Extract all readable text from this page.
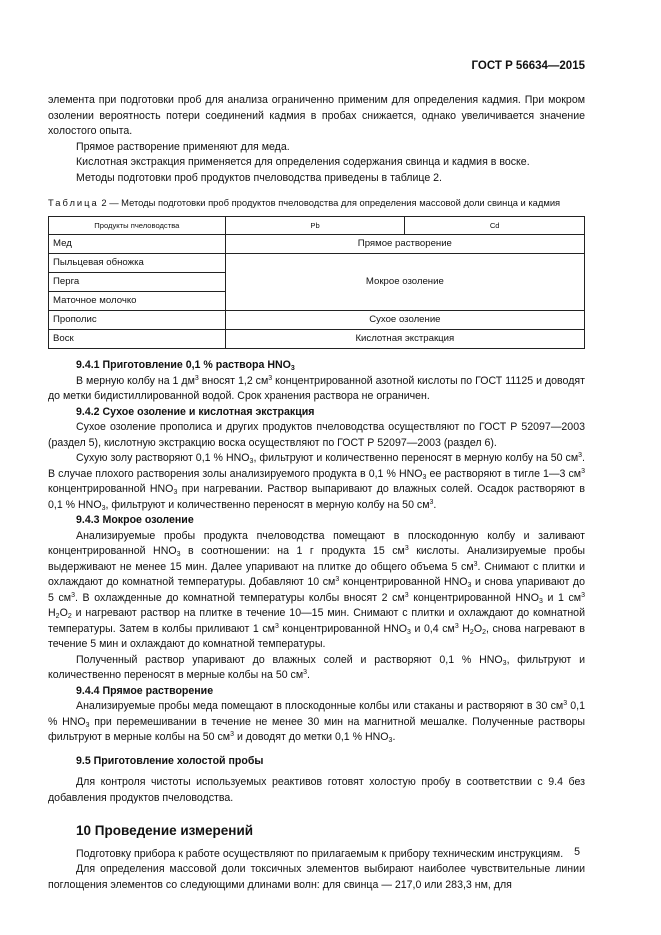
ГОСТ Р 56634—2015

элемента при подготовки проб для анализа ограниченно применим для определения кадмия. При мокром озолении вероятность потери соединений кадмия в пробах снижается, однако увеличивается значение холостого опыта.

Прямое растворение применяют для меда.

Кислотная экстракция применяется для определения содержания свинца и кадмия в воске.

Методы подготовки проб продуктов пчеловодства приведены в таблице 2.

Таблица 2 — Методы подготовки проб продуктов пчеловодства для определения массовой доли свинца и кадмия

Продукты пчеловодства	Pb	Cd
Мед	Прямое растворение	
Пыльцевая обножка	Мокрое озоление	
Перга		
Маточное молочко		
Прополис	Сухое озоление	
Воск	Кислотная экстракция	

9.4.1 Приготовление 0,1 % раствора $HNO_3$

В мерную колбу на 1 $дм^3$ вносят 1,2 $см^3$ концентрированной азотной кислоты по ГОСТ 11125 и доводят до метки бидистиллированной водой. Срок хранения раствора не ограничен.

9.4.2 Сухое озоление и кислотная экстракция

Сухое озоление прополиса и других продуктов пчеловодства осуществляют по ГОСТ Р 52097—2003 (раздел 5), кислотную экстракцию воска осуществляют по ГОСТ Р 52097—2003 (раздел 6).

Сухую золу растворяют 0,1 % $HNO_3$, фильтруют и количественно переносят в мерную колбу на 50 $см^3$. В случае плохого растворения золы анализируемого продукта в 0,1 % $HNO_3$ ее растворяют в тигле 1—3 $см^3$ концентрированной $HNO_3$ при нагревании. Раствор выпаривают до влажных солей. Осадок растворяют в 0,1 % $HNO_3$, фильтруют и количественно переносят в мерную колбу на 50 $см^3$.

9.4.3 Мокрое озоление

Анализируемые пробы продукта пчеловодства помещают в плоскодонную колбу и заливают концентрированной $HNO_3$ в соотношении: на 1 г продукта 15 $см^3$ кислоты. Анализируемые пробы выдерживают не менее 15 мин. Далее упаривают на плитке до общего объема 5 $см^3$. Снимают с плитки и охлаждают до комнатной температуры. Добавляют 10 $см^3$ концентрированной $HNO_3$ и снова упаривают до 5 $см^3$. В охлажденные до комнатной температуры колбы вносят 2 $см^3$ концентрированной $HNO_3$ и 1 $см^3$ $H_2O_2$ и нагревают раствор на плитке в течение 10—15 мин. Снимают с плитки и охлаждают до комнатной температуры. Затем в колбы приливают 1 $см^3$ концентрированной $HNO_3$ и 0,4 $см^3$ $H_2O_2$, снова нагревают в течение 5 мин и охлаждают до комнатной температуры.

Полученный раствор упаривают до влажных солей и растворяют 0,1 % $HNO_3$, фильтруют и количественно переносят в мерные колбы на 50 $см^3$.

9.4.4 Прямое растворение

Анализируемые пробы меда помещают в плоскодонные колбы или стаканы и растворяют в 30 $см^3$ 0,1 % $HNO_3$ при перемешивании в течение не менее 30 мин на магнитной мешалке. Полученные растворы фильтруют в мерные колбы на 50 $см^3$ и доводят до метки 0,1 % $HNO_3$.

9.5 Приготовление холостой пробы

Для контроля чистоты используемых реактивов готовят холостую пробу в соответствии с 9.4 без добавления продуктов пчеловодства.

10 Проведение измерений

Подготовку прибора к работе осуществляют по прилагаемым к прибору техническим инструкциям.

Для определения массовой доли токсичных элементов выбирают наиболее чувствительные линии поглощения элементов со следующими длинами волн: для свинца — 217,0 или 283,3 нм, для

5
